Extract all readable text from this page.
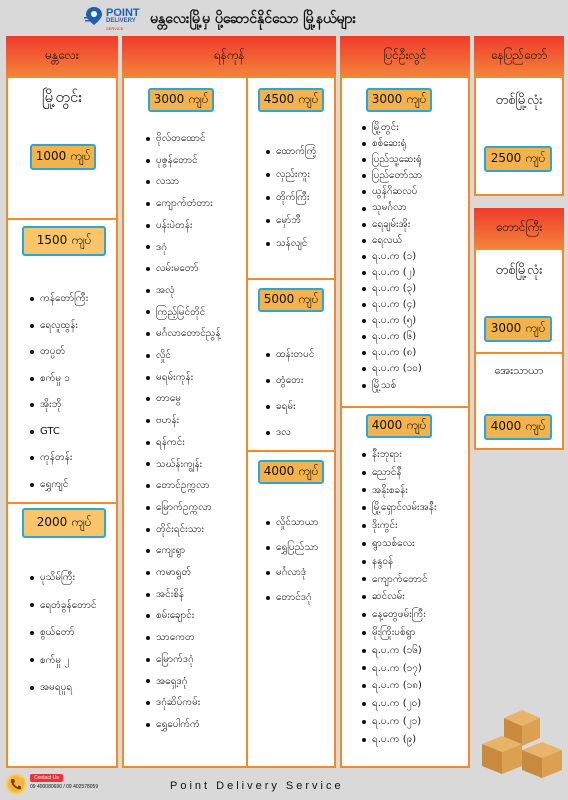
POINT
DELIVERY
SERVICE
မန္တလေးမြို့မှ ပို့ဆောင်နိုင်သော မြို့နယ်များ
မန္တလေး
မြို့တွင်း
1000 ကျပ်
1500 ကျပ်
ကန်တော်ကြီး
ရေလူထွန်း
တပ္ပတ်
စက်မှု ၁
အိုးဘို
GTC
ကုန်တန်း
ရွှေကျင်
2000 ကျပ်
ပုသိမ်ကြီး
ရေတံခွန်တောင်
စွယ်တော်
စက်မှု ၂
အမရပူရ
ရန်ကုန်
3000 ကျပ်
ဗိုလ်တထောင်
ပုဇွန်တောင်
လသာ
ကျောက်တံတား
ပန်းပဲတန်း
ဒဂုံ
လမ်းမတော်
အလုံ
ကြည့်မြင်တိုင်
မင်္ဂလာတောင်ညွန့်
လှိုင်
မရမ်းကုန်း
တာမွေ
ဗဟန်း
ရန်ကင်း
သဃ်န်းကျွန်း
တောင်ဥက္ကလာ
မြောက်ဥက္ကလာ
တိုင်းရင်းသား
ကျေးရွာ
ကမာရွတ်
အင်းစိန်
စမ်းချောင်း
သာကေတ
မြောက်ဒဂုံ
အရှေ့ဒဂုံ
ဒဂုံဆိပ်ကမ်း
ရွှေပေါက်ကံ
4500 ကျပ်
ထောက်ကြံ့
လှည်းကူး
တိုက်ကြီး
မှော်ဘီ
သန်လျင်
5000 ကျပ်
ထန်းတပင်
တွံတေး
ခရမ်း
ဒလ
4000 ကျပ်
လှိုင်သာယာ
ရွှေပြည်သာ
မင်္ဂလာဒုံ
တောင်ဒဂုံ
ပြင်ဦးလွင်
3000 ကျပ်
မြို့တွင်း
စစ်ဆေးရုံ
ပြည်သူ့ဆေးရုံ
ပြည်တော်သာ
ယွန်ဂိဆလပ်
သုမင်္ဂလာ
ရေချမ်းအိုး
ရေလယ်
ရ.ပ.က (၁)
ရ.ပ.က (၂)
ရ.ပ.က (၃)
ရ.ပ.က (၄)
ရ.ပ.က (၅)
ရ.ပ.က (၆)
ရ.ပ.က (၈)
ရ.ပ.က (၁၀)
မြို့သစ်
4000 ကျပ်
နီးဘုရား
ညောင်နီ
အနိုးစခန်း
မြို့ရှောင်လမ်းအနီး
ဒိုးကွင်း
ရွာသစ်လေး
နန္ဒဝန်
ကျောက်တောင်
ဆင်လမ်း
နေ့တွေဖမ်းကြီး
မိုးကြိုးပစ်ရွာ
ရ.ပ.က (၁၆)
ရ.ပ.က (၁၇)
ရ.ပ.က (၁၈)
ရ.ပ.က (၂၀)
ရ.ပ.က (၂၁)
ရ.ပ.က (၉)
နေပြည်တော်
တစ်မြို့လုံး
2500 ကျပ်
တောင်ကြီး
တစ်မြို့လုံး
3000 ကျပ်
အေးသာယာ
4000 ကျပ်
Contact Us
09 400080690 / 09 402578059	Point Delivery Service
